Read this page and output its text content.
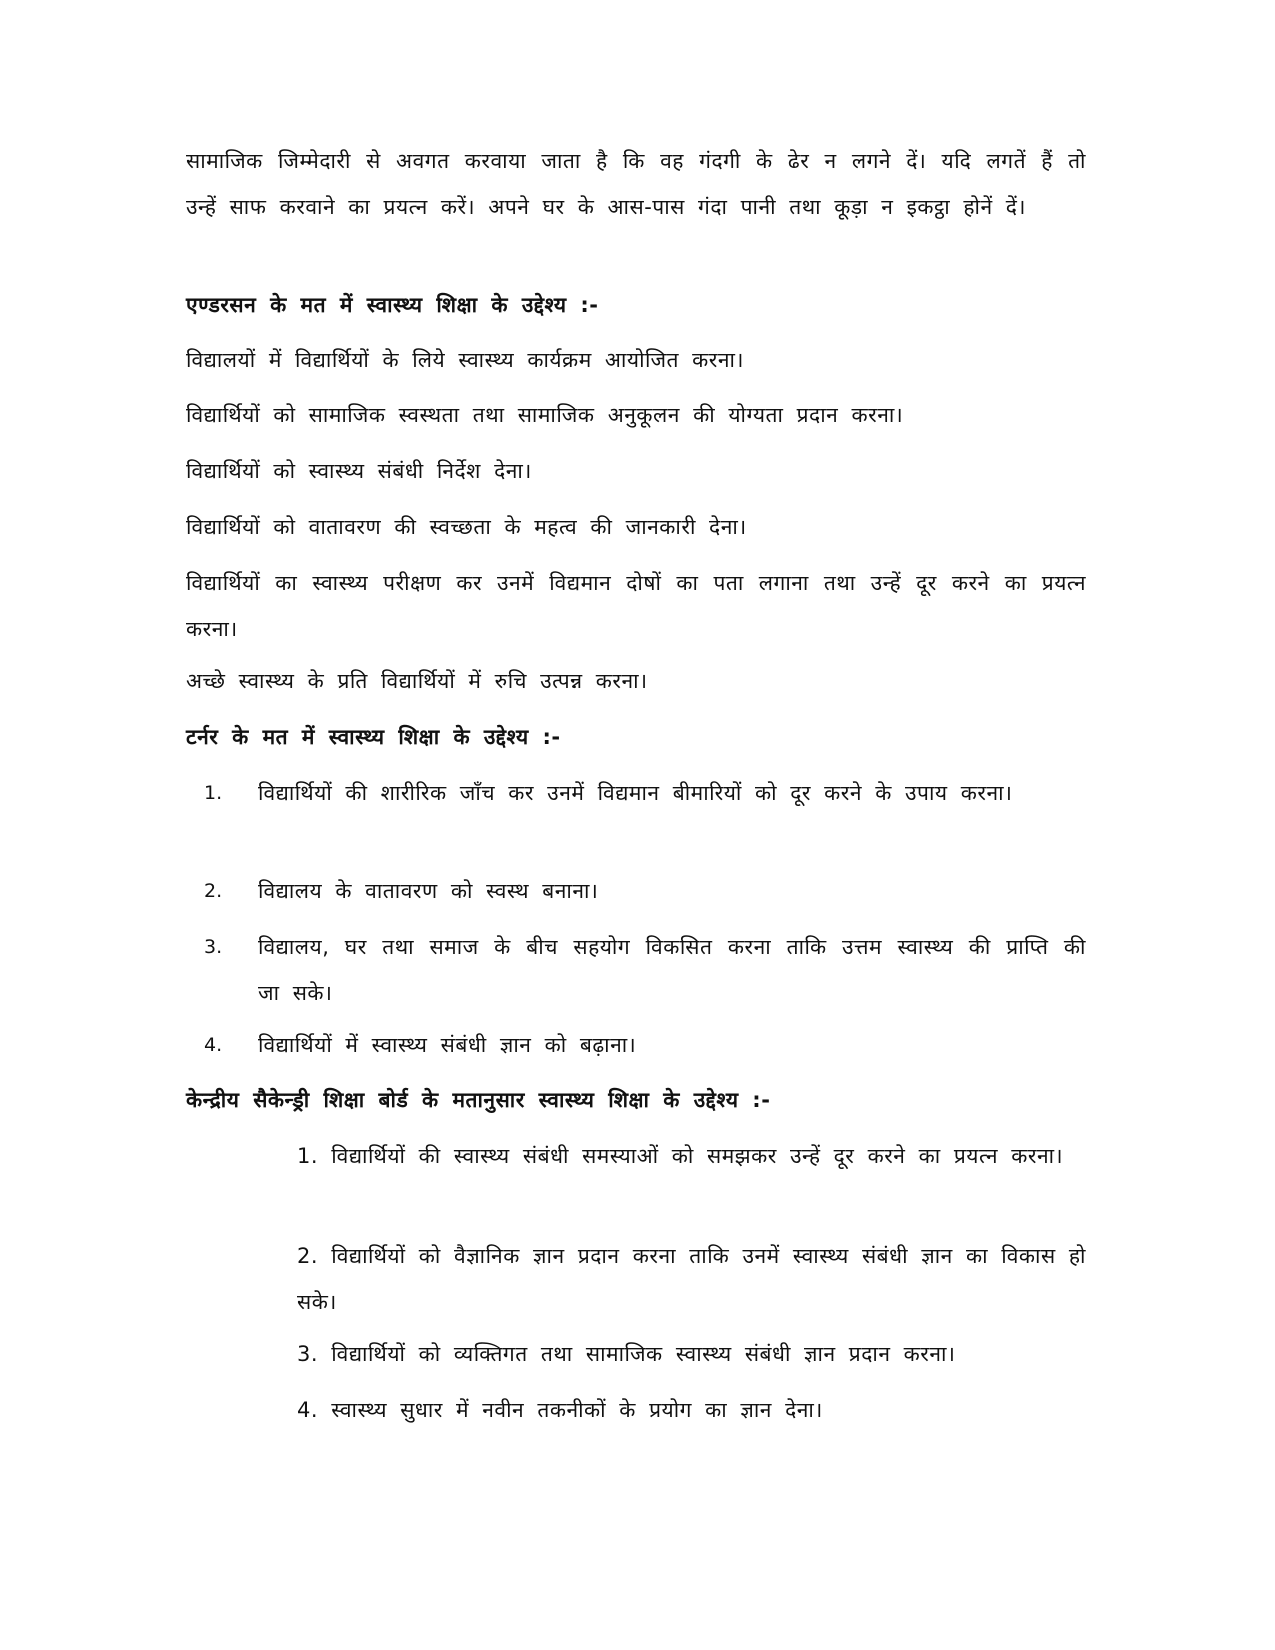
सामाजिक जिम्मेदारी से अवगत करवाया जाता है कि वह गंदगी के ढेर न लगने दें। यदि लगतें हैं तो उन्हें साफ करवाने का प्रयत्न करें। अपने घर के आस-पास गंदा पानी तथा कूड़ा न इकट्ठा होनें दें।

एण्डरसन के मत में स्वास्थ्य शिक्षा के उद्देश्य :-

विद्यालयों में विद्यार्थियों के लिये स्वास्थ्य कार्यक्रम आयोजित करना।

विद्यार्थियों को सामाजिक स्वस्थता तथा सामाजिक अनुकूलन की योग्यता प्रदान करना।

विद्यार्थियों को स्वास्थ्य संबंधी निर्देश देना।

विद्यार्थियों को वातावरण की स्वच्छता के महत्व की जानकारी देना।

विद्यार्थियों का स्वास्थ्य परीक्षण कर उनमें विद्यमान दोषों का पता लगाना तथा उन्हें दूर करने का प्रयत्न करना।

अच्छे स्वास्थ्य के प्रति विद्यार्थियों में रुचि उत्पन्न करना।

टर्नर के मत में स्वास्थ्य शिक्षा के उद्देश्य :-

1. विद्यार्थियों की शारीरिक जाँच कर उनमें विद्यमान बीमारियों को दूर करने के उपाय करना।

2. विद्यालय के वातावरण को स्वस्थ बनाना।

3. विद्यालय, घर तथा समाज के बीच सहयोग विकसित करना ताकि उत्तम स्वास्थ्य की प्राप्ति की जा सके।

4. विद्यार्थियों में स्वास्थ्य संबंधी ज्ञान को बढ़ाना।

केन्द्रीय सैकेन्ड्री शिक्षा बोर्ड के मतानुसार स्वास्थ्य शिक्षा के उद्देश्य :-

1. विद्यार्थियों की स्वास्थ्य संबंधी समस्याओं को समझकर उन्हें दूर करने का प्रयत्न करना।

2. विद्यार्थियों को वैज्ञानिक ज्ञान प्रदान करना ताकि उनमें स्वास्थ्य संबंधी ज्ञान का विकास हो सके।

3. विद्यार्थियों को व्यक्तिगत तथा सामाजिक स्वास्थ्य संबंधी ज्ञान प्रदान करना।

4. स्वास्थ्य सुधार में नवीन तकनीकों के प्रयोग का ज्ञान देना।
